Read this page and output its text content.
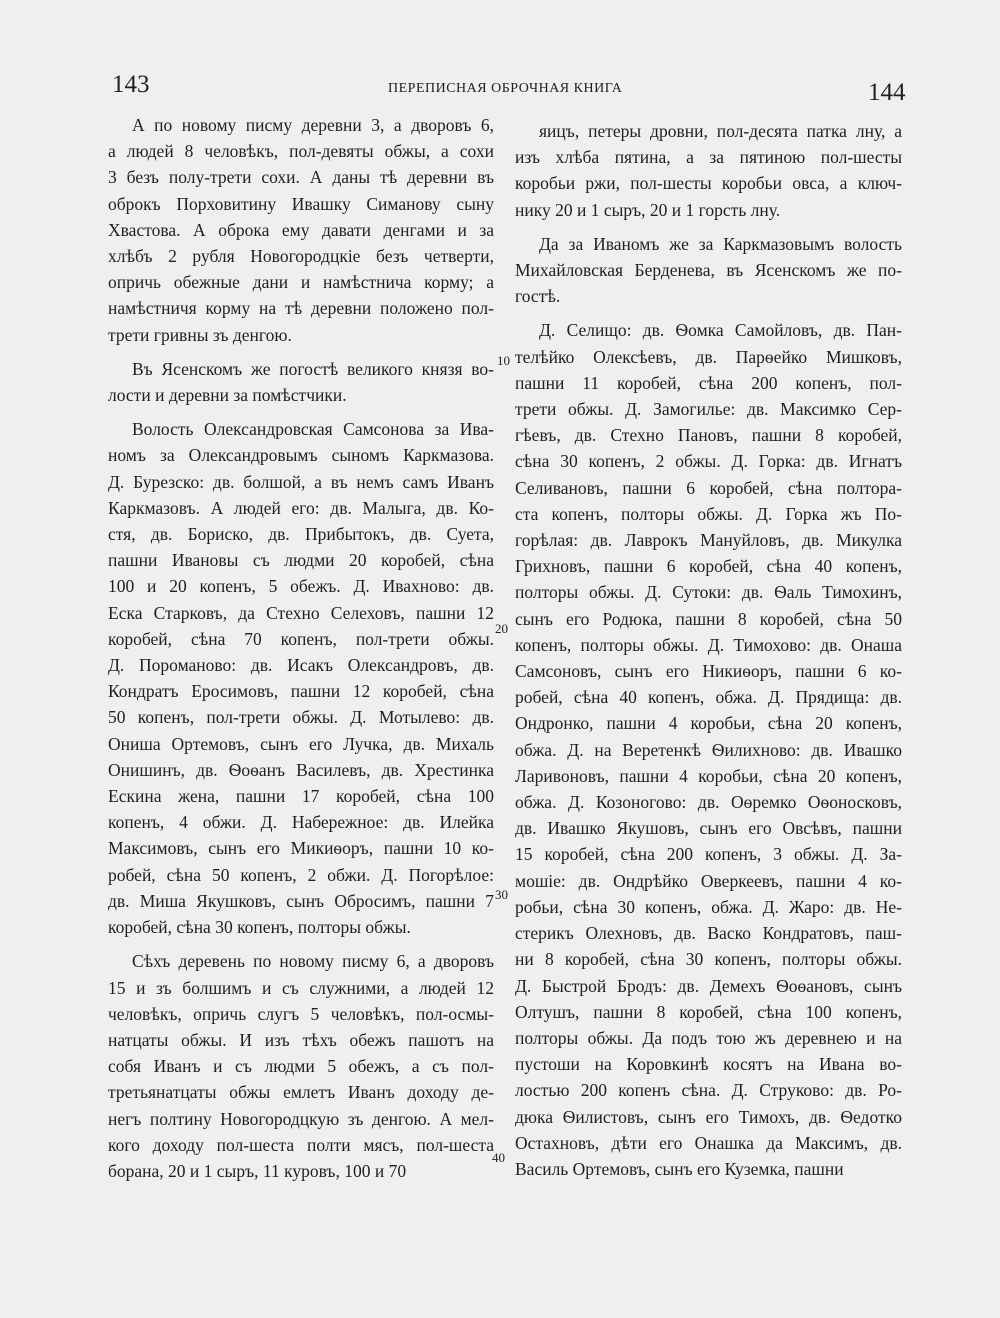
143	ПЕРЕПИСНАЯ ОБРОЧНАЯ КНИГА	144
А по новому писму деревни 3, а дворовъ 6,
а людей 8 человѣкъ, пол-девяты обжы, а сохи
3 безъ полу-трети сохи. А даны тѣ деревни въ
оброкъ Порховитину Ивашку Симанову сыну
Хвастова. А оброка ему давати денгами и за
хлѣбъ 2 рубля Новогородцкіе безъ четверти,
опричь обежные дани и намѣстнича корму; а
намѣстничя корму на тѣ деревни положено пол-
трети гривны зъ денгою.
Въ Ясенскомъ же погостѣ великого князя во-
лости и деревни за помѣстчики.
Волость Олександровская Самсонова за Ива-
номъ за Олександровымъ сыномъ Каркмазова.
Д. Бурезско: дв. болшой, а въ немъ самъ Иванъ
Каркмазовъ. А людей его: дв. Малыга, дв. Ко-
стя, дв. Бориско, дв. Прибытокъ, дв. Суета,
пашни Ивановы съ людми 20 коробей, сѣна
100 и 20 копенъ, 5 обежъ. Д. Ивахново: дв.
Еска Старковъ, да Стехно Селеховъ, пашни 12
коробей, сѣна 70 копенъ, пол-трети обжы.
Д. Пороманово: дв. Исакъ Олександровъ, дв.
Кондратъ Еросимовъ, пашни 12 коробей, сѣна
50 копенъ, пол-трети обжы. Д. Мотылево: дв.
Онишa Ортемовъ, сынъ его Лучка, дв. Михаль
Онишинъ, дв. Ѳоѳанъ Василевъ, дв. Хрестинка
Ескина жена, пашни 17 коробей, сѣна 100
копенъ, 4 обжи. Д. Набережное: дв. Илейка
Максимовъ, сынъ его Микиѳоръ, пашни 10 ко-
робей, сѣна 50 копенъ, 2 обжи. Д. Погорѣлое:
дв. Миша Якушковъ, сынъ Обросимъ, пашни 7
коробей, сѣна 30 копенъ, полторы обжы.
Сѣхъ деревень по новому писму 6, а дворовъ
15 и зъ болшимъ и съ служними, а людей 12
человѣкъ, опричь слугъ 5 человѣкъ, пол-осмы-
натцаты обжы. И изъ тѣхъ обежъ пашотъ на
собя Иванъ и съ людми 5 обежъ, а съ пол-
третьянатцаты обжы емлетъ Иванъ доходу де-
негъ полтину Новогородцкую зъ денгою. А мел-
кого доходу пол-шеста полти мясъ, пол-шеста
борана, 20 и 1 сыръ, 11 куровъ, 100 и 70
яицъ, петеры дровни, пол-десята патка лну, а
изъ хлѣба пятина, а за пятиною пол-шесты
коробьи ржи, пол-шесты коробьи овса, а ключ-
нику 20 и 1 сыръ, 20 и 1 горсть лну.
Да за Иваномъ же за Каркмазовымъ волость
Михайловская Берденева, въ Ясенскомъ же по-
гостѣ.
Д. Селищо: дв. Ѳомка Самойловъ, дв. Пан-
телѣйко Олексѣевъ, дв. Парѳейко Мишковъ,
пашни 11 коробей, сѣна 200 копенъ, пол-
трети обжы. Д. Замогилье: дв. Максимко Сер-
гѣевъ, дв. Стехно Пановъ, пашни 8 коробей,
сѣна 30 копенъ, 2 обжы. Д. Горка: дв. Игнатъ
Селивановъ, пашни 6 коробей, сѣна полтора-
ста копенъ, полторы обжы. Д. Горка жъ По-
горѣлая: дв. Лаврокъ Мануйловъ, дв. Микулка
Грихновъ, пашни 6 коробей, сѣна 40 копенъ,
полторы обжы. Д. Сутоки: дв. Ѳаль Тимохинъ,
сынъ его Родюка, пашни 8 коробей, сѣна 50
копенъ, полторы обжы. Д. Тимохово: дв. Онаша
Самсоновъ, сынъ его Никиѳоръ, пашни 6 ко-
робей, сѣна 40 копенъ, обжа. Д. Прядища: дв.
Ондронко, пашни 4 коробьи, сѣна 20 копенъ,
обжа. Д. на Веретенкѣ Ѳилихново: дв. Ивашко
Лаpивоновъ, пашни 4 коробьи, сѣна 20 копенъ,
обжа. Д. Козоногово: дв. Оѳремко Оѳоносковъ,
дв. Ивашко Якушовъ, сынъ его Овсѣвъ, пашни
15 коробей, сѣна 200 копенъ, 3 обжы. Д. За-
мошіе: дв. Ондрѣйко Оверкеевъ, пашни 4 ко-
робьи, сѣна 30 копенъ, обжа. Д. Жаро: дв. Не-
стерикъ Олехновъ, дв. Васко Кондратовъ, паш-
ни 8 коробей, сѣна 30 копенъ, полторы обжы.
Д. Быстрой Бродъ: дв. Демехъ Ѳоѳановъ, сынъ
Олтушъ, пашни 8 коробей, сѣна 100 копенъ,
полторы обжы. Да подъ тою жъ деревнею и на
пустоши на Коровкинѣ косятъ на Ивана во-
лостью 200 копенъ сѣна. Д. Струково: дв. Ро-
дюка Ѳилистовъ, сынъ его Тимохъ, дв. Ѳедотко
Остахновъ, дѣти его Онашка да Максимъ, дв.
Василь Ортемовъ, сынъ его Куземка, пашни
10
20
30
40
